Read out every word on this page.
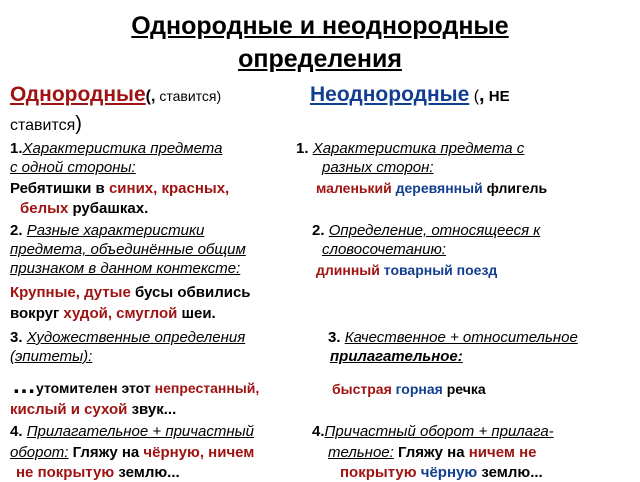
Однородные и неоднородные
определения
Однородные(, ставится)	Неоднородные (, НЕ
ставится)
1.Характеристика предмета
с одной стороны:
Ребятишки в синих, красных,
белых рубашках.
2. Разные характеристики
предмета, объединённые общим
признаком в данном контексте:
Крупные, дутые бусы обвились
вокруг худой, смуглой шеи.
3. Художественные определения
(эпитеты):
…утомителен этот непрестанный,
кислый и сухой звук...
4. Прилагательное + причастный
оборот: Гляжу на чёрную, ничем
не покрытую землю...
1. Характеристика предмета с
разных сторон:
маленький деревянный флигель
2. Определение, относящееся к
словосочетанию:
длинный товарный поезд
3. Качественное + относительное
прилагательное:
быстрая горная речка
4.Причастный оборот + прилага-
тельное: Гляжу на ничем не
покрытую чёрную землю...
